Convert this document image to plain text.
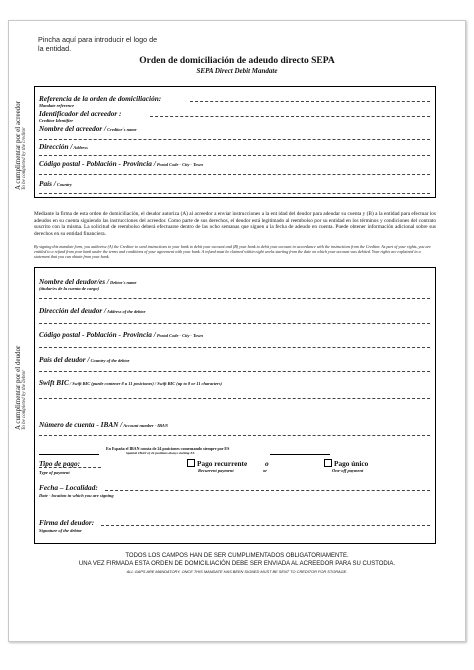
Pincha aquí para introducir el logo de la entidad.
Orden de domiciliación de adeudo directo SEPA
SEPA Direct Debit Mandate
A cumplimentar por el acreedor To be completed by the creditor
Referencia de la orden de domiciliación:
Mandate reference
Identificador del acreedor :
Creditor Identifier
Nombre del acreedor / Creditor´s name
Dirección / Address
Código postal - Población - Provincia / Postal Code - City - Town
País / Country
Mediante la firma de esta orden de domiciliación, el deudor autoriza (A) al acreedor a enviar instrucciones a la ent idad del deudor para adeudar su cuenta y (B) a la entidad para efectuar los adeudos en su cuenta siguiendo las instrucciones del acreedor. Como parte de sus derechos, el deudor está legitimado al reembolso por su entidad en los términos y condiciones del contrato suscrito con la misma. La solicitud de reembolso deberá efectuarse dentro de las ocho semanas que siguen a la fecha de adeudo en cuenta. Puede obtener información adicional sobre sus derechos en su entidad financiera.
By signing this mandate form, you authorise (A) the Creditor to send instructions to your bank to debit your account and (B) your bank to debit your account in accordance with the instructions from the Creditor. As part of your rights, you are entitled to a refund from your bank under the terms and conditions of your agreement with your bank. A refund must be claimed within eight weeks starting from the date on which your account was debited. Your rights are explained in a statement that you can obtain from your bank.
A cumplimentar por el deudor To be completed by the debtor
Nombre del deudor/es / Debtor's name
(titular/es de la cuenta de cargo)
Dirección del deudor / Address of the debtor
Código postal - Población - Provincia / Postal Code - City - Town
País del deudor / Country of the debtor
Swift BIC / Swift BIC (puede contener 8 u 11 posiciones) / Swift BIC (up to 8 or 11 characters)
Número de cuenta - IBAN / Account number - IBAN
En España el IBAN consta de 24 posiciones comenzando siempre por ES
Spanish IBAN of 24 positions always starting ES
Tipo de pago:
Type of payment
Pago recurrente
Recurrent payment
o
or
Pago único
One-off payment
Fecha – Localidad:
Date - location in which you are signing
Firma del deudor:
Signature of the debtor
TODOS LOS CAMPOS HAN DE SER CUMPLIMENTADOS OBLIGATORIAMENTE.
UNA VEZ FIRMADA ESTA ORDEN DE DOMICILIACIÓN DEBE SER ENVIADA AL ACREEDOR PARA SU CUSTODIA.
ALL GAPS ARE MANDATORY. ONCE THIS MANDATE HAS BEEN SIGNED MUST BE SENT TO CREDITOR FOR STORAGE.
